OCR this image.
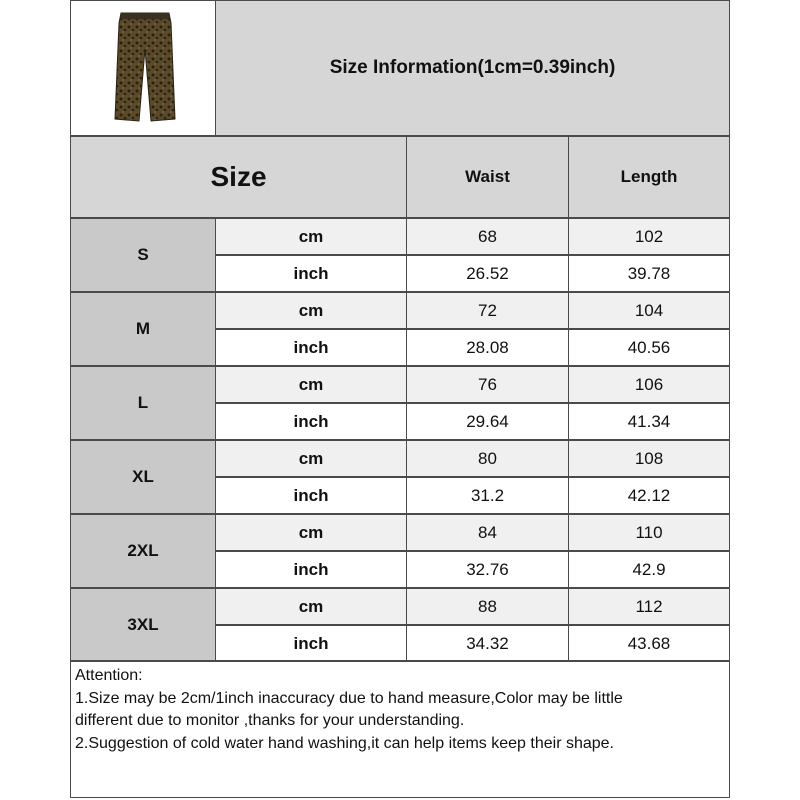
Size Information(1cm=0.39inch)
Size	Waist	Length
S
cm	68	102
inch	26.52	39.78
M
cm	72	104
inch	28.08	40.56
L
cm	76	106
inch	29.64	41.34
XL
cm	80	108
inch	31.2	42.12
2XL
cm	84	110
inch	32.76	42.9
3XL
cm	88	112
inch	34.32	43.68
Attention:
1.Size may be 2cm/1inch inaccuracy due to hand measure,Color may be little
different due to monitor ,thanks for your understanding.
2.Suggestion of cold water hand washing,it can help items keep their shape.
